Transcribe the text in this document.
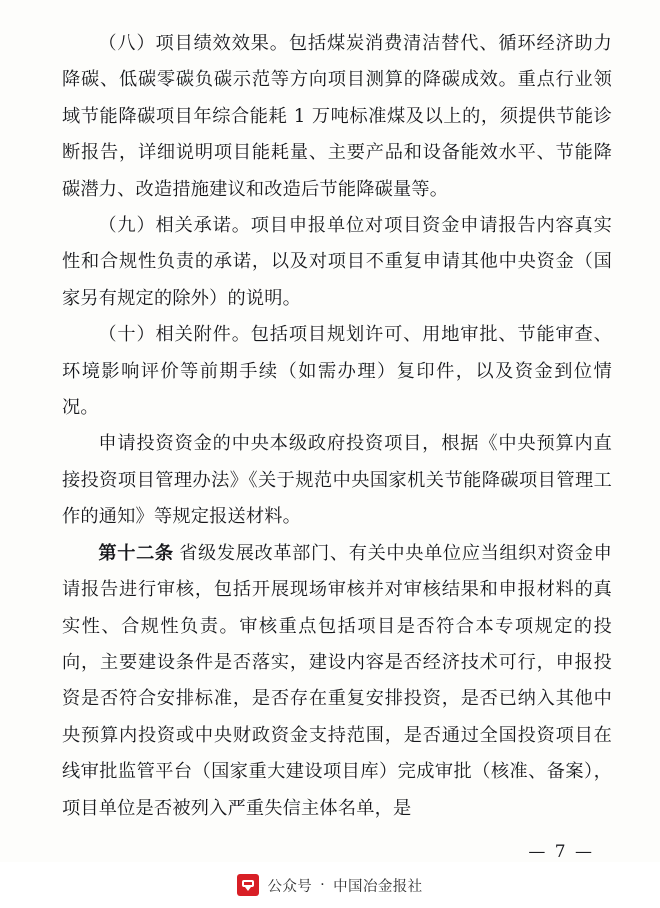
（八）项目绩效效果。包括煤炭消费清洁替代、循环经济助力降碳、低碳零碳负碳示范等方向项目测算的降碳成效。重点行业领域节能降碳项目年综合能耗 1 万吨标准煤及以上的，须提供节能诊断报告，详细说明项目能耗量、主要产品和设备能效水平、节能降碳潜力、改造措施建议和改造后节能降碳量等。

（九）相关承诺。项目申报单位对项目资金申请报告内容真实性和合规性负责的承诺，以及对项目不重复申请其他中央资金（国家另有规定的除外）的说明。

（十）相关附件。包括项目规划许可、用地审批、节能审查、环境影响评价等前期手续（如需办理）复印件，以及资金到位情况。

申请投资资金的中央本级政府投资项目，根据《中央预算内直接投资项目管理办法》《关于规范中央国家机关节能降碳项目管理工作的通知》等规定报送材料。

第十二条 省级发展改革部门、有关中央单位应当组织对资金申请报告进行审核，包括开展现场审核并对审核结果和申报材料的真实性、合规性负责。审核重点包括项目是否符合本专项规定的投向，主要建设条件是否落实，建设内容是否经济技术可行，申报投资是否符合安排标准，是否存在重复安排投资，是否已纳入其他中央预算内投资或中央财政资金支持范围，是否通过全国投资项目在线审批监管平台（国家重大建设项目库）完成审批（核准、备案），项目单位是否被列入严重失信主体名单，是

— 7 —
公众号 · 中国冶金报社
